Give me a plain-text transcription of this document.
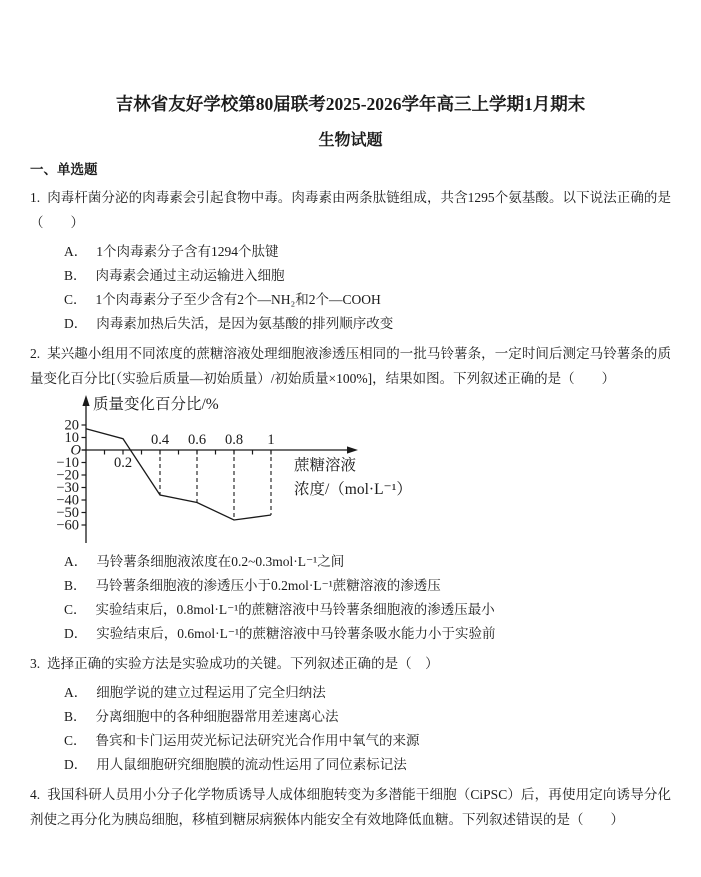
吉林省友好学校第80届联考2025-2026学年高三上学期1月期末
生物试题
一、单选题

1. 肉毒杆菌分泌的肉毒素会引起食物中毒。肉毒素由两条肽链组成，共含1295个氨基酸。以下说法正确的是（　　）

A． 1个肉毒素分子含有1294个肽键
B． 肉毒素会通过主动运输进入细胞
C． 1个肉毒素分子至少含有2个—NH₂和2个—COOH
D． 肉毒素加热后失活，是因为氨基酸的排列顺序改变

2. 某兴趣小组用不同浓度的蔗糖溶液处理细胞液渗透压相同的一批马铃薯条，一定时间后测定马铃薯条的质量变化百分比[（实验后质量—初始质量）/初始质量×100%]，结果如图。下列叙述正确的是（　　）

20
10
O
−10
−20
−30
−40
−50
−60
0.4 0.6 0.8 1
0.2
质量变化百分比/%
蔗糖溶液
浓度/（mol·L⁻¹）
A． 马铃薯条细胞液浓度在0.2~0.3mol·L⁻¹之间
B． 马铃薯条细胞液的渗透压小于0.2mol·L⁻¹蔗糖溶液的渗透压
C． 实验结束后，0.8mol·L⁻¹的蔗糖溶液中马铃薯条细胞液的渗透压最小
D． 实验结束后，0.6mol·L⁻¹的蔗糖溶液中马铃薯条吸水能力小于实验前

3. 选择正确的实验方法是实验成功的关键。下列叙述正确的是（　）

A． 细胞学说的建立过程运用了完全归纳法
B． 分离细胞中的各种细胞器常用差速离心法
C． 鲁宾和卡门运用荧光标记法研究光合作用中氧气的来源
D． 用人鼠细胞研究细胞膜的流动性运用了同位素标记法

4. 我国科研人员用小分子化学物质诱导人成体细胞转变为多潜能干细胞（CiPSC）后，再使用定向诱导分化剂使之再分化为胰岛细胞，移植到糖尿病猴体内能安全有效地降低血糖。下列叙述错误的是（　　）
